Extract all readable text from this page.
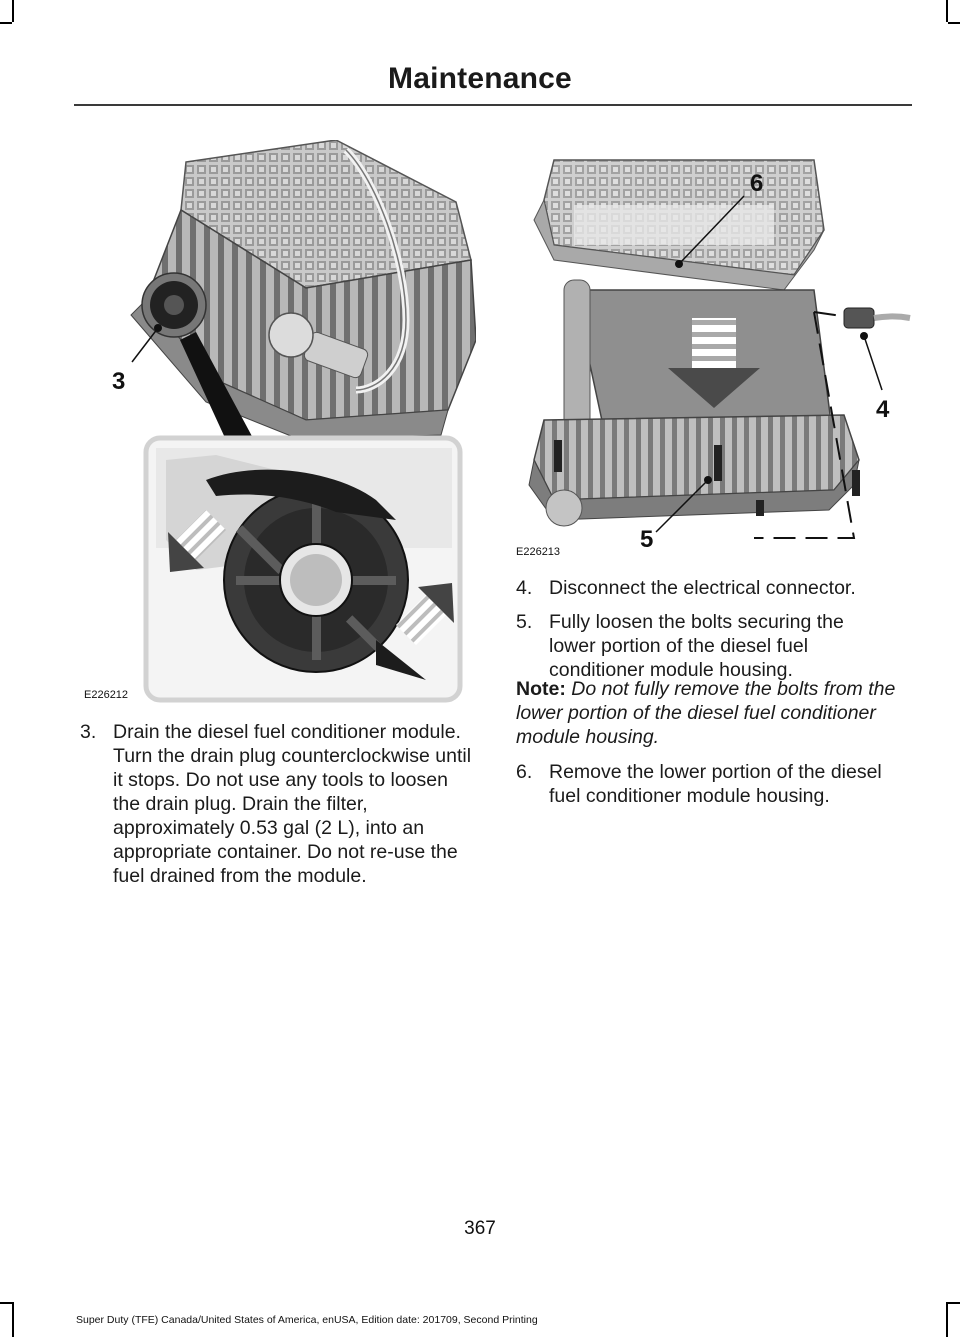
Maintenance
3
E226212
6
4
5
E226213
3. Drain the diesel fuel conditioner module. Turn the drain plug counterclockwise until it stops. Do not use any tools to loosen the drain plug. Drain the filter, approximately 0.53 gal (2 L), into an appropriate container. Do not re-use the fuel drained from the module.
4. Disconnect the electrical connector.
5. Fully loosen the bolts securing the lower portion of the diesel fuel conditioner module housing.
Note: Do not fully remove the bolts from the lower portion of the diesel fuel conditioner module housing.
6. Remove the lower portion of the diesel fuel conditioner module housing.
367
Super Duty (TFE) Canada/United States of America, enUSA, Edition date: 201709, Second Printing
